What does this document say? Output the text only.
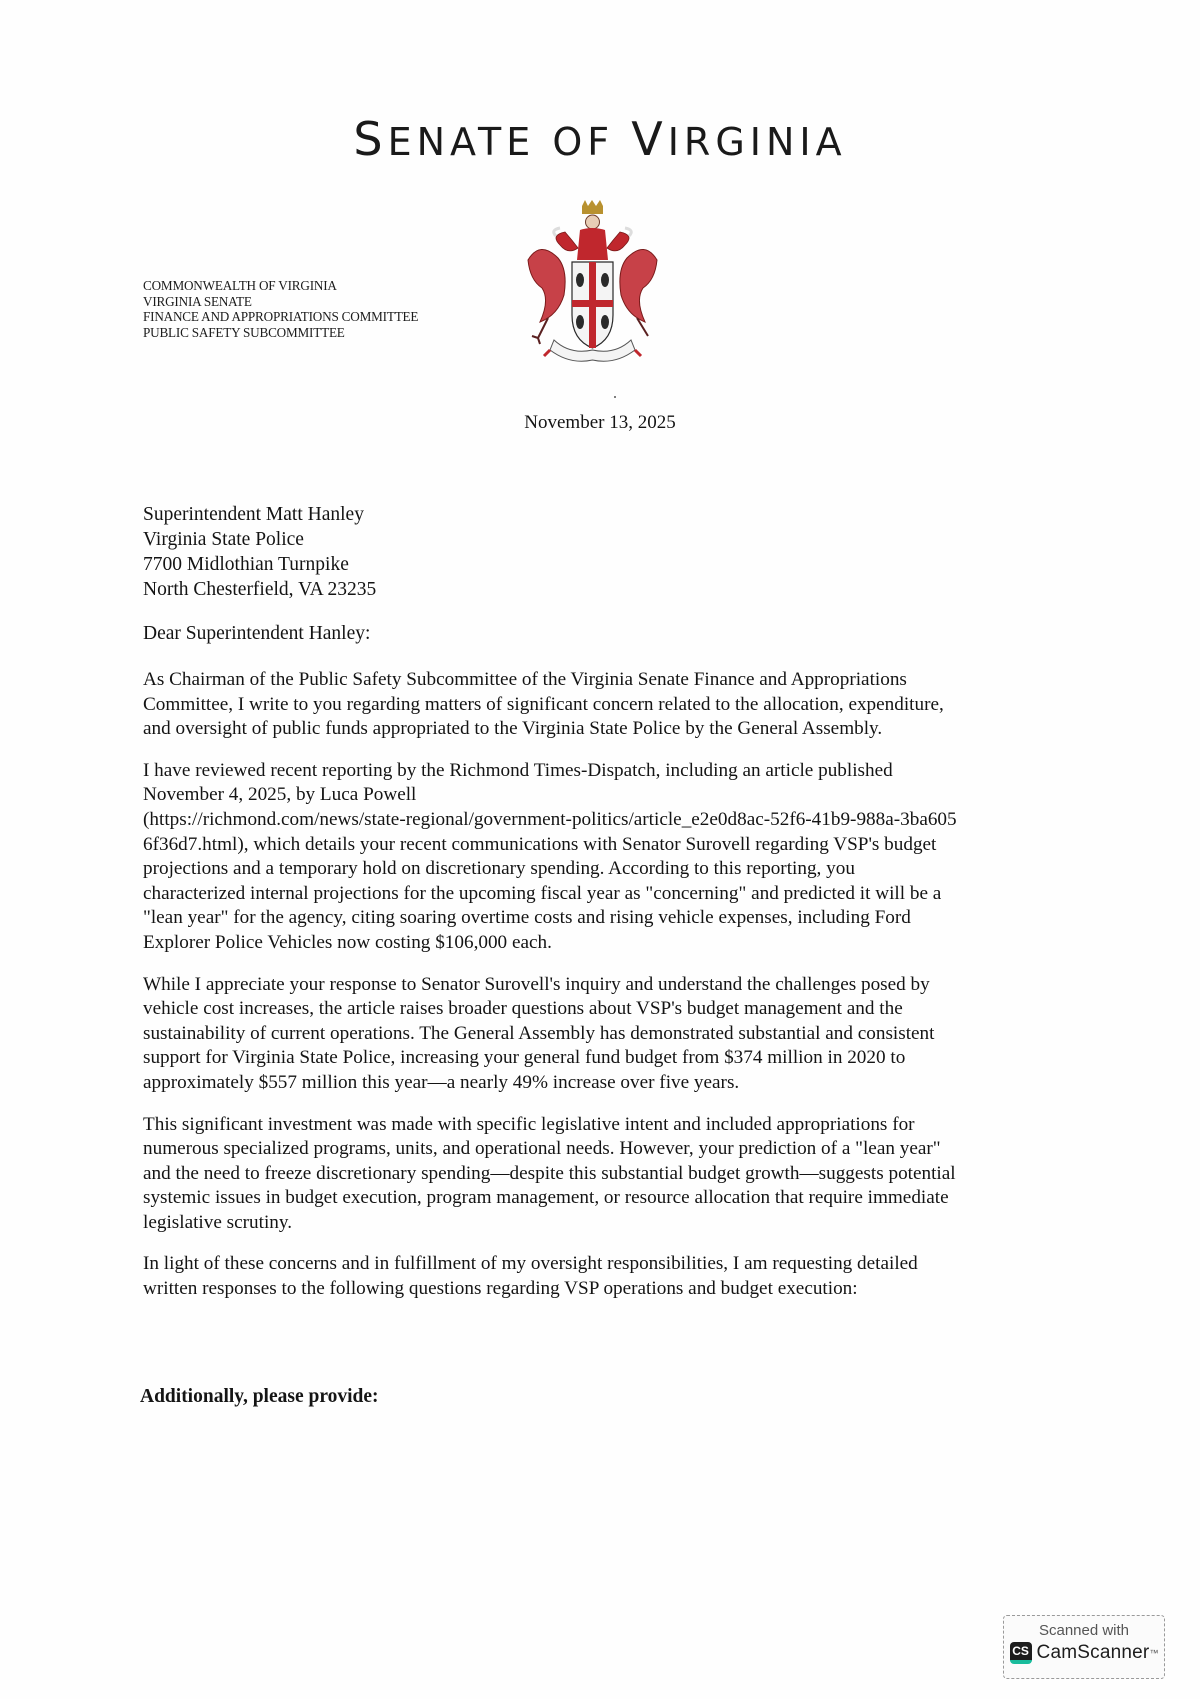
SENATE OF VIRGINIA
COMMONWEALTH OF VIRGINIA
VIRGINIA SENATE
FINANCE AND APPROPRIATIONS COMMITTEE
PUBLIC SAFETY SUBCOMMITTEE
November 13, 2025
Superintendent Matt Hanley
Virginia State Police
7700 Midlothian Turnpike
North Chesterfield, VA 23235
Dear Superintendent Hanley:

As Chairman of the Public Safety Subcommittee of the Virginia Senate Finance and Appropriations
Committee, I write to you regarding matters of significant concern related to the allocation, expenditure,
and oversight of public funds appropriated to the Virginia State Police by the General Assembly.

I have reviewed recent reporting by the Richmond Times-Dispatch, including an article published
November 4, 2025, by Luca Powell
(https://richmond.com/news/state-regional/government-politics/article_e2e0d8ac-52f6-41b9-988a-3ba605
6f36d7.html), which details your recent communications with Senator Surovell regarding VSP's budget
projections and a temporary hold on discretionary spending. According to this reporting, you
characterized internal projections for the upcoming fiscal year as "concerning" and predicted it will be a
"lean year" for the agency, citing soaring overtime costs and rising vehicle expenses, including Ford
Explorer Police Vehicles now costing $106,000 each.

While I appreciate your response to Senator Surovell's inquiry and understand the challenges posed by
vehicle cost increases, the article raises broader questions about VSP's budget management and the
sustainability of current operations. The General Assembly has demonstrated substantial and consistent
support for Virginia State Police, increasing your general fund budget from $374 million in 2020 to
approximately $557 million this year—a nearly 49% increase over five years.

This significant investment was made with specific legislative intent and included appropriations for
numerous specialized programs, units, and operational needs. However, your prediction of a "lean year"
and the need to freeze discretionary spending—despite this substantial budget growth—suggests potential
systemic issues in budget execution, program management, or resource allocation that require immediate
legislative scrutiny.

In light of these concerns and in fulfillment of my oversight responsibilities, I am requesting detailed
written responses to the following questions regarding VSP operations and budget execution:

Additionally, please provide:
Scanned with
CS CamScanner ™
